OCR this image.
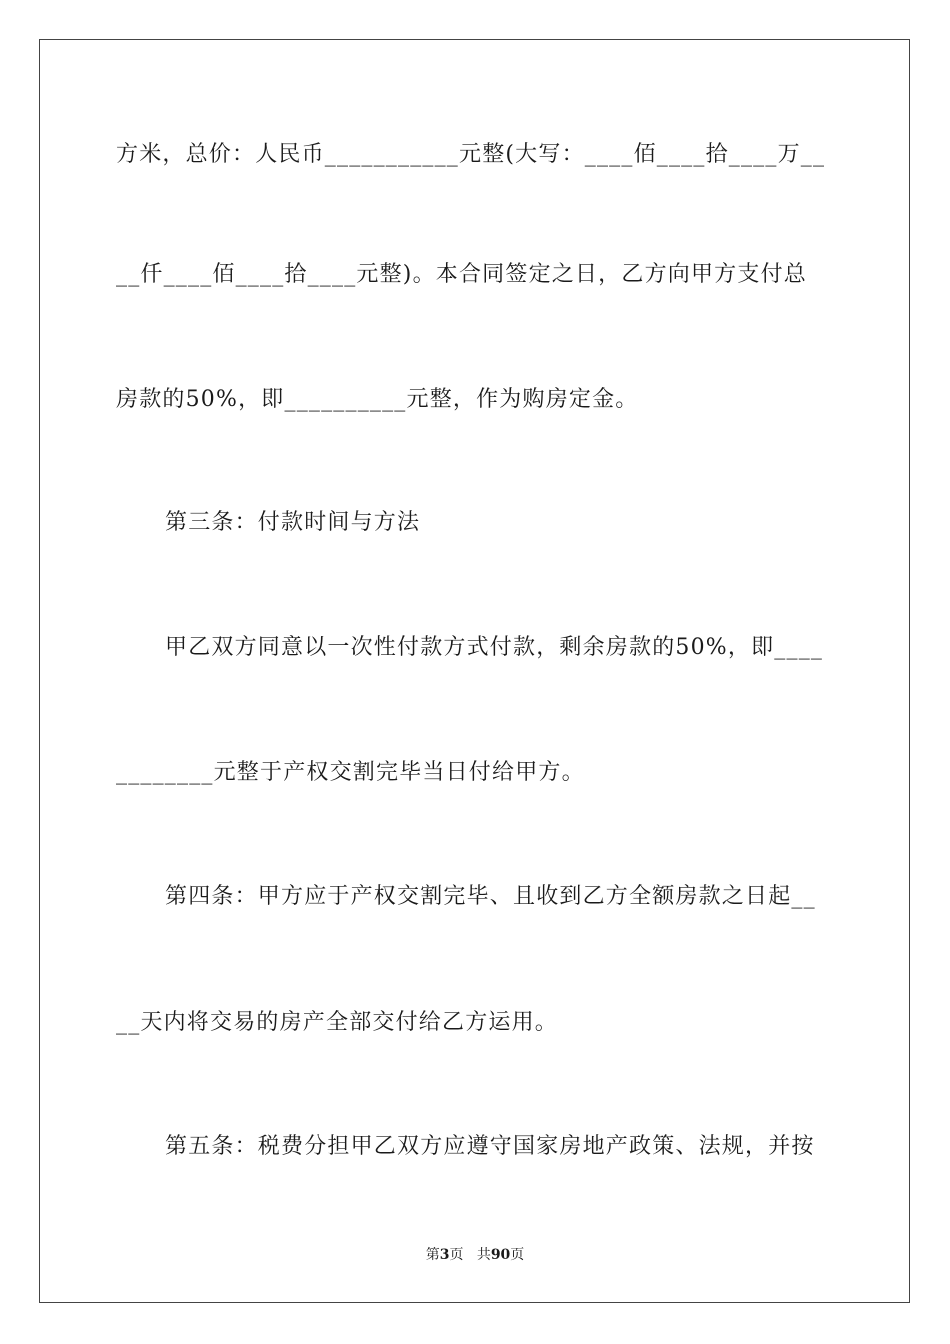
方米，总价：人民币___________元整(大写：____佰____拾____万__
__仟____佰____拾____元整)。本合同签定之日，乙方向甲方支付总
房款的50%，即__________元整，作为购房定金。
第三条：付款时间与方法
甲乙双方同意以一次性付款方式付款，剩余房款的50%，即____
________元整于产权交割完毕当日付给甲方。
第四条：甲方应于产权交割完毕、且收到乙方全额房款之日起__
__天内将交易的房产全部交付给乙方运用。
第五条：税费分担甲乙双方应遵守国家房地产政策、法规，并按
第3页 共90页
